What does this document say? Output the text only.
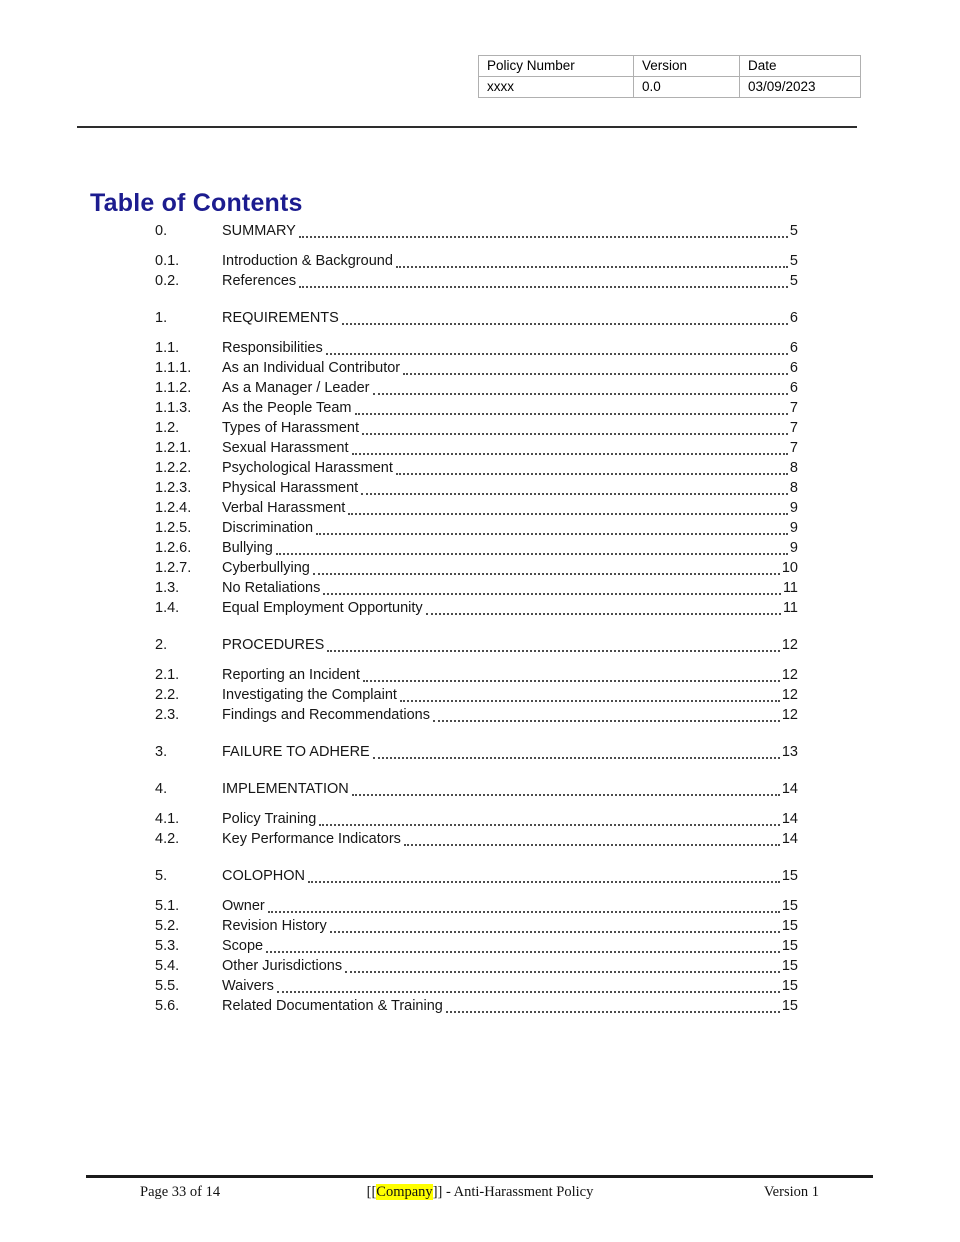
Policy Number	Version	Date
xxxx	0.0	03/09/2023
Table of Contents
0.	SUMMARY	5
0.1.	Introduction & Background	5
0.2.	References	5
1.	REQUIREMENTS	6
1.1.	Responsibilities	6
1.1.1.	As an Individual Contributor	6
1.1.2.	As a Manager / Leader	6
1.1.3.	As the People Team	7
1.2.	Types of Harassment	7
1.2.1.	Sexual Harassment	7
1.2.2.	Psychological Harassment	8
1.2.3.	Physical Harassment	8
1.2.4.	Verbal Harassment	9
1.2.5.	Discrimination	9
1.2.6.	Bullying	9
1.2.7.	Cyberbullying	10
1.3.	No Retaliations	11
1.4.	Equal Employment Opportunity	11
2.	PROCEDURES	12
2.1.	Reporting an Incident	12
2.2.	Investigating the Complaint	12
2.3.	Findings and Recommendations	12
3.	FAILURE TO ADHERE	13
4.	IMPLEMENTATION	14
4.1.	Policy Training	14
4.2.	Key Performance Indicators	14
5.	COLOPHON	15
5.1.	Owner	15
5.2.	Revision History	15
5.3.	Scope	15
5.4.	Other Jurisdictions	15
5.5.	Waivers	15
5.6.	Related Documentation & Training	15
Page 33 of 14	[[Company]] - Anti-Harassment Policy	Version 1
